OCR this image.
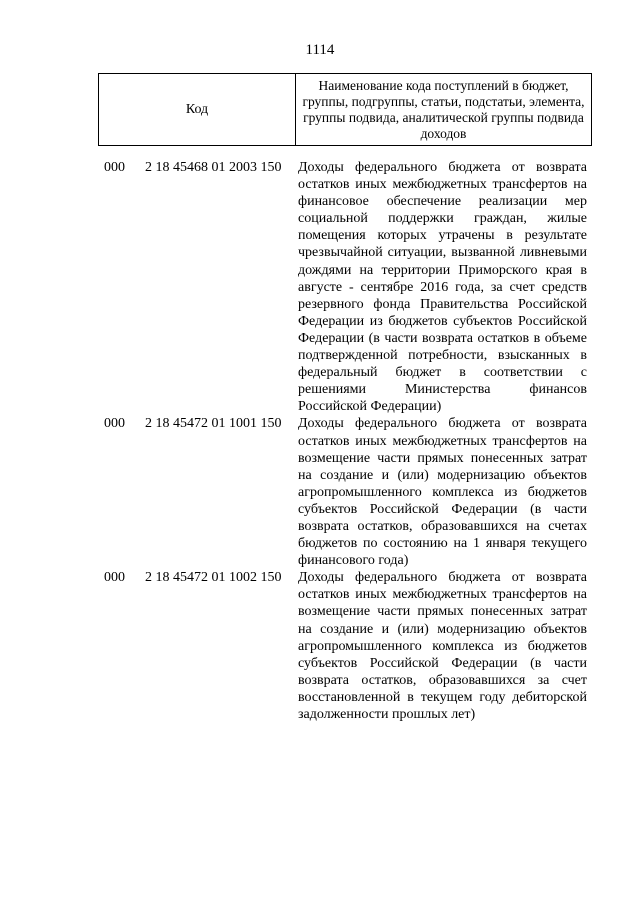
1114
Код
Наименование кода поступлений в бюджет, группы, подгруппы, статьи, подстатьи, элемента, группы подвида, аналитической группы подвида доходов
000 2 18 45468 01 2003 150 Доходы федерального бюджета от возврата остатков иных межбюджетных трансфертов на финансовое обеспечение реализации мер социальной поддержки граждан, жилые помещения которых утрачены в результате чрезвычайной ситуации, вызванной ливневыми дождями на территории Приморского края в августе - сентябре 2016 года, за счет средств резервного фонда Правительства Российской Федерации из бюджетов субъектов Российской Федерации (в части возврата остатков в объеме подтвержденной потребности, взысканных в федеральный бюджет в соответствии с решениями Министерства финансов Российской Федерации)
000 2 18 45472 01 1001 150 Доходы федерального бюджета от возврата остатков иных межбюджетных трансфертов на возмещение части прямых понесенных затрат на создание и (или) модернизацию объектов агропромышленного комплекса из бюджетов субъектов Российской Федерации (в части возврата остатков, образовавшихся на счетах бюджетов по состоянию на 1 января текущего финансового года)
000 2 18 45472 01 1002 150 Доходы федерального бюджета от возврата остатков иных межбюджетных трансфертов на возмещение части прямых понесенных затрат на создание и (или) модернизацию объектов агропромышленного комплекса из бюджетов субъектов Российской Федерации (в части возврата остатков, образовавшихся за счет восстановленной в текущем году дебиторской задолженности прошлых лет)
